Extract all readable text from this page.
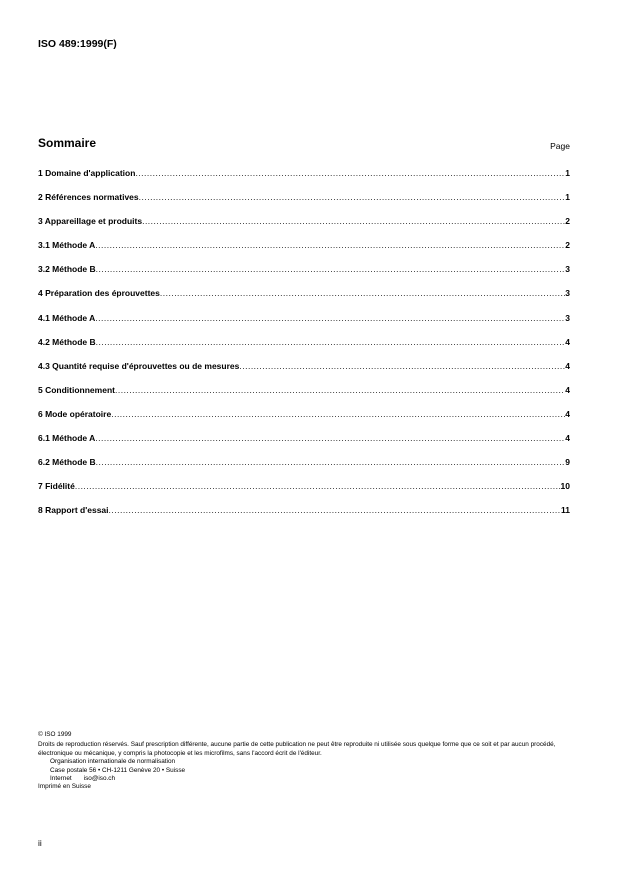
ISO 489:1999(F)
Sommaire	Page
1 Domaine d'application .....	1
2 Références normatives .....	1
3 Appareillage et produits .....	2
3.1 Méthode A .....	2
3.2 Méthode B .....	3
4 Préparation des éprouvettes .....	3
4.1 Méthode A .....	3
4.2 Méthode B .....	4
4.3 Quantité requise d'éprouvettes ou de mesures .....	4
5 Conditionnement .....	4
6 Mode opératoire .....	4
6.1 Méthode A .....	4
6.2 Méthode B .....	9
7 Fidélité .....	10
8 Rapport d'essai .....	11
© ISO 1999
Droits de reproduction réservés. Sauf prescription différente, aucune partie de cette publication ne peut être reproduite ni utilisée sous quelque forme que ce soit et par aucun procédé, électronique ou mécanique, y compris la photocopie et les microfilms, sans l'accord écrit de l'éditeur.
Organisation internationale de normalisation
Case postale 56 • CH-1211 Genève 20 • Suisse
Internet iso@iso.ch
Imprimé en Suisse
ii
